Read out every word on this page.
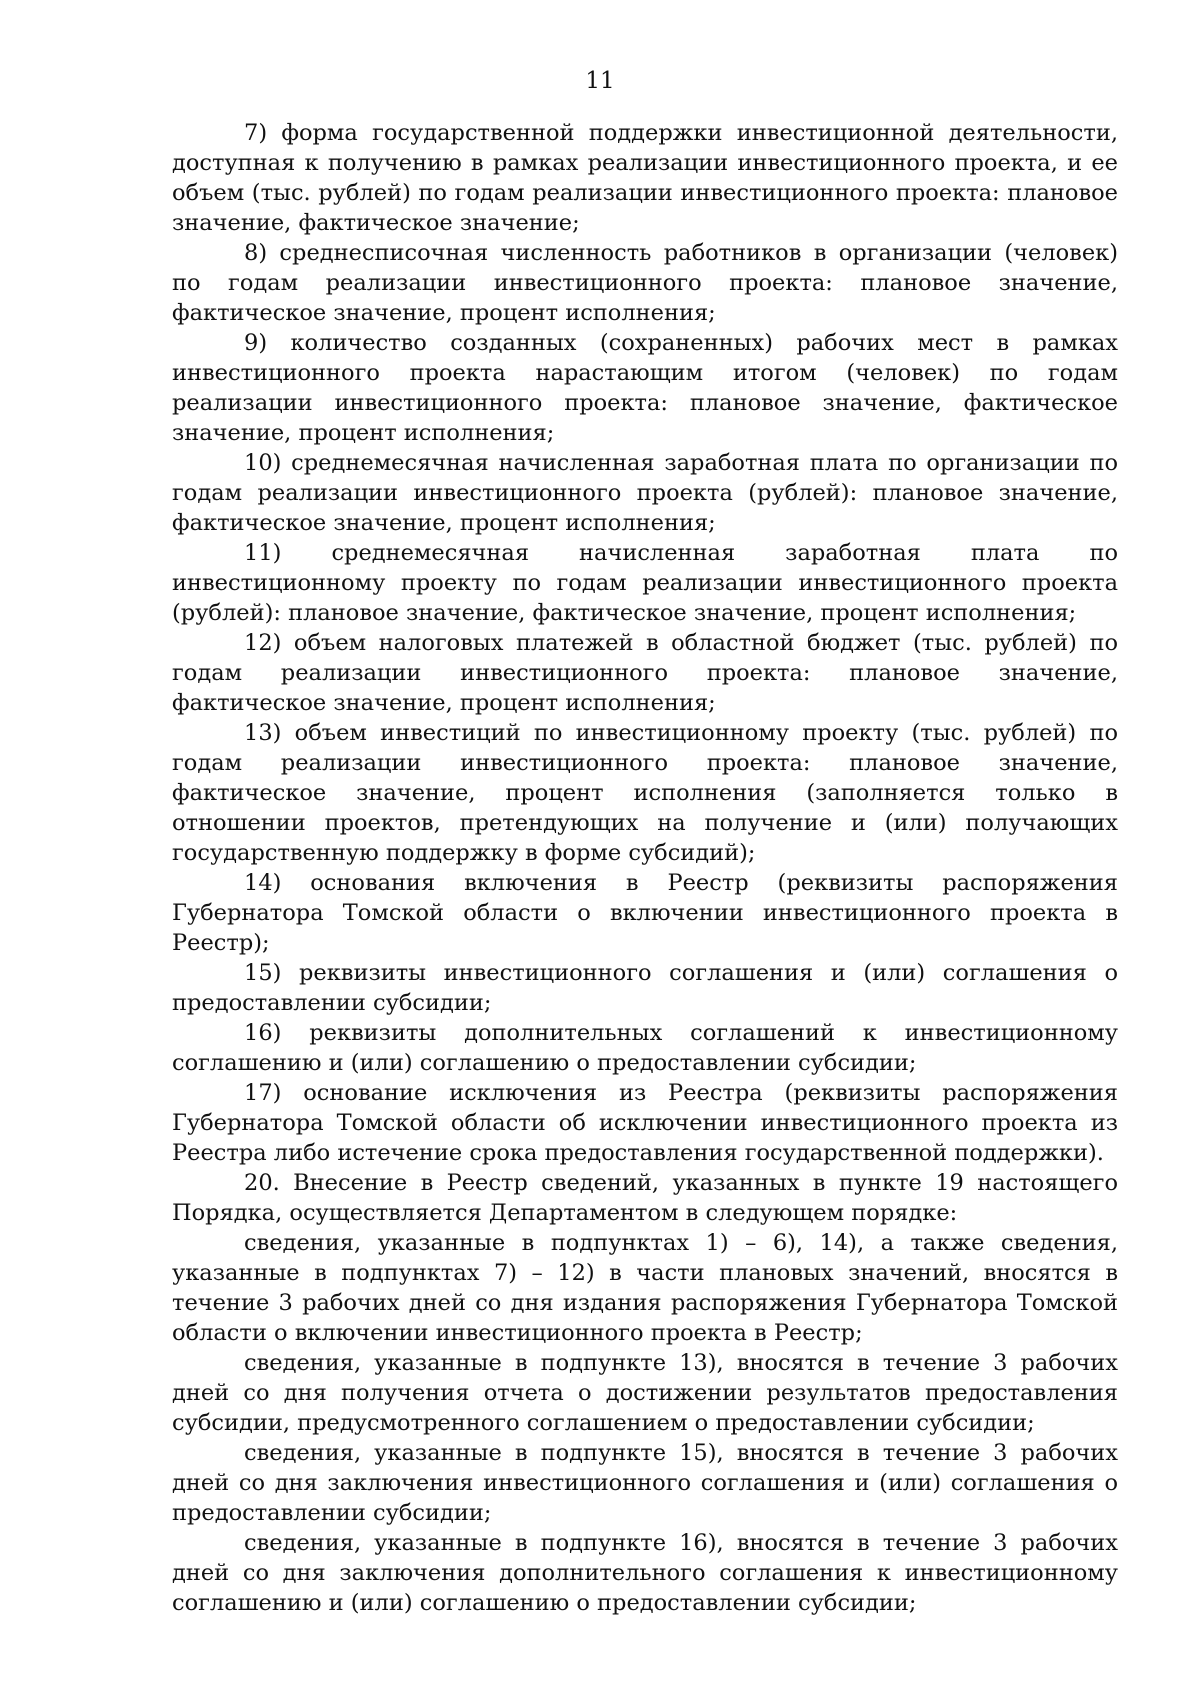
11

7) форма государственной поддержки инвестиционной деятельности, доступная к получению в рамках реализации инвестиционного проекта, и ее объем (тыс. рублей) по годам реализации инвестиционного проекта: плановое значение, фактическое значение;

8) среднесписочная численность работников в организации (человек) по годам реализации инвестиционного проекта: плановое значение, фактическое значение, процент исполнения;

9) количество созданных (сохраненных) рабочих мест в рамках инвестиционного проекта нарастающим итогом (человек) по годам реализации инвестиционного проекта: плановое значение, фактическое значение, процент исполнения;

10) среднемесячная начисленная заработная плата по организации по годам реализации инвестиционного проекта (рублей): плановое значение, фактическое значение, процент исполнения;

11) среднемесячная начисленная заработная плата по инвестиционному проекту по годам реализации инвестиционного проекта (рублей): плановое значение, фактическое значение, процент исполнения;

12) объем налоговых платежей в областной бюджет (тыс. рублей) по годам реализации инвестиционного проекта: плановое значение, фактическое значение, процент исполнения;

13) объем инвестиций по инвестиционному проекту (тыс. рублей) по годам реализации инвестиционного проекта: плановое значение, фактическое значение, процент исполнения (заполняется только в отношении проектов, претендующих на получение и (или) получающих государственную поддержку в форме субсидий);

14) основания включения в Реестр (реквизиты распоряжения Губернатора Томской области о включении инвестиционного проекта в Реестр);

15) реквизиты инвестиционного соглашения и (или) соглашения о предоставлении субсидии;

16) реквизиты дополнительных соглашений к инвестиционному соглашению и (или) соглашению о предоставлении субсидии;

17) основание исключения из Реестра (реквизиты распоряжения Губернатора Томской области об исключении инвестиционного проекта из Реестра либо истечение срока предоставления государственной поддержки).

20. Внесение в Реестр сведений, указанных в пункте 19 настоящего Порядка, осуществляется Департаментом в следующем порядке:

сведения, указанные в подпунктах 1) – 6), 14), а также сведения, указанные в подпунктах 7) – 12) в части плановых значений, вносятся в течение 3 рабочих дней со дня издания распоряжения Губернатора Томской области о включении инвестиционного проекта в Реестр;

сведения, указанные в подпункте 13), вносятся в течение 3 рабочих дней со дня получения отчета о достижении результатов предоставления субсидии, предусмотренного соглашением о предоставлении субсидии;

сведения, указанные в подпункте 15), вносятся в течение 3 рабочих дней со дня заключения инвестиционного соглашения и (или) соглашения о предоставлении субсидии;

сведения, указанные в подпункте 16), вносятся в течение 3 рабочих дней со дня заключения дополнительного соглашения к инвестиционному соглашению и (или) соглашению о предоставлении субсидии;
